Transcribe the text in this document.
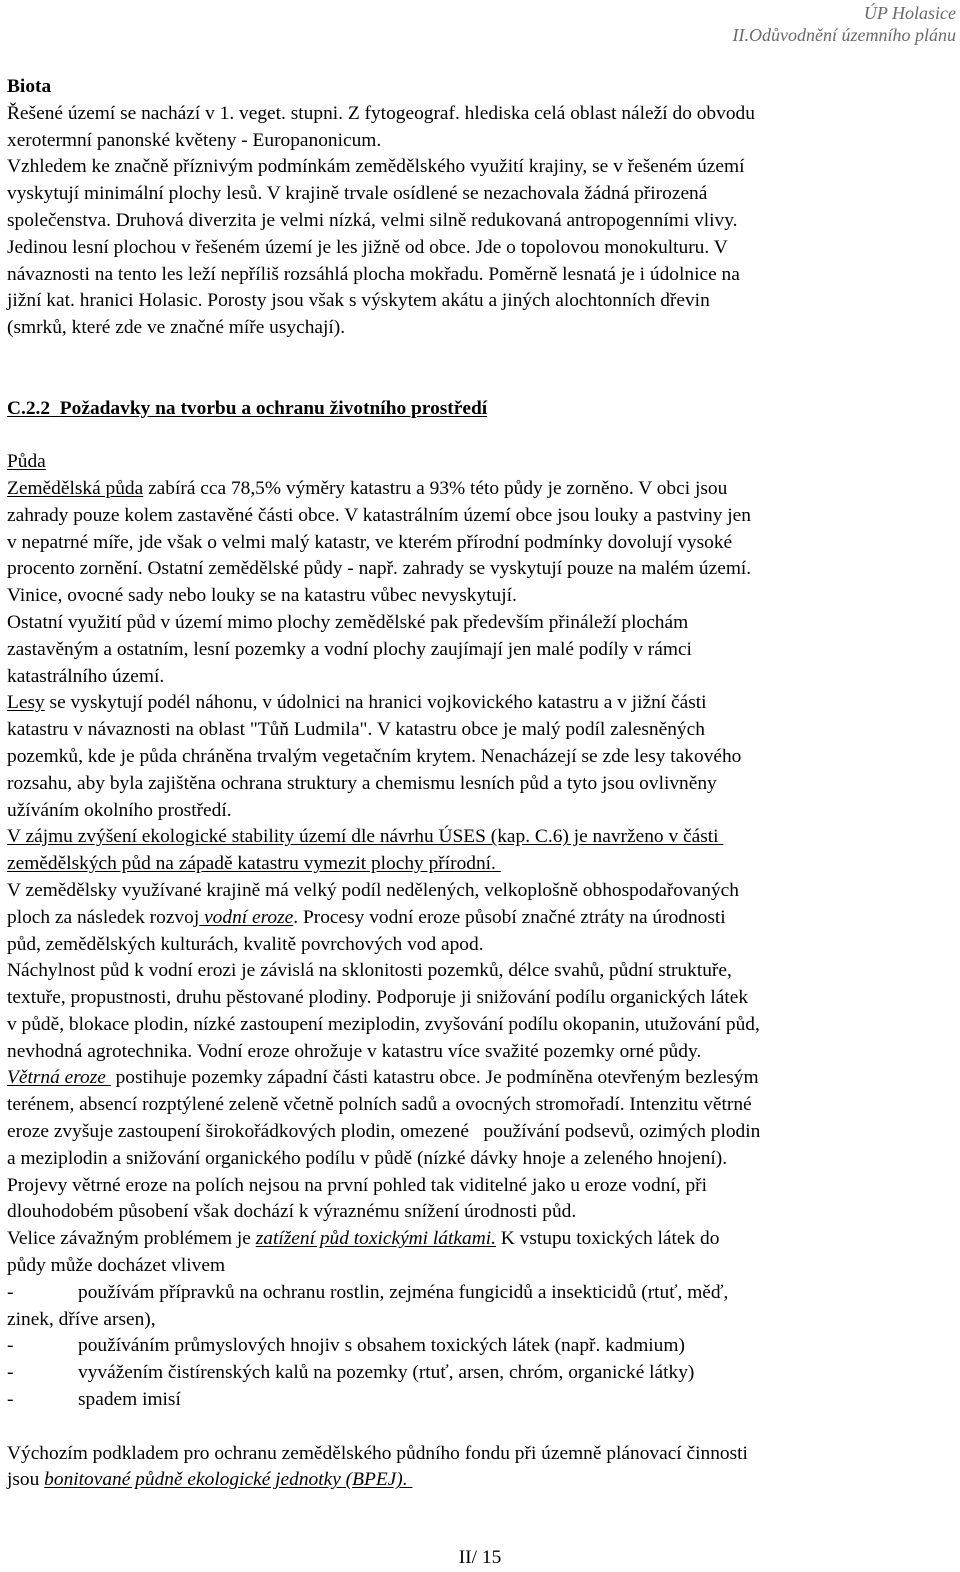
ÚP Holasice
II.Odůvodnění územního plánu
Biota
Řešené území se nachází v 1. veget. stupni. Z fytogeograf. hlediska celá oblast náleží do obvodu
xerotermní panonské květeny - Europanonicum.
Vzhledem ke značně příznivým podmínkám zemědělského využití krajiny, se v řešeném území
vyskytují minimální plochy lesů. V krajině trvale osídlené se nezachovala žádná přirozená
společenstva. Druhová diverzita je velmi nízká, velmi silně redukovaná antropogenními vlivy.
Jedinou lesní plochou v řešeném území je les jižně od obce. Jde o topolovou monokulturu. V
návaznosti na tento les leží nepříliš rozsáhlá plocha mokřadu. Poměrně lesnatá je i údolnice na
jižní kat. hranici Holasic. Porosty jsou však s výskytem akátu a jiných alochtonních dřevin
(smrků, které zde ve značné míře usychají).
C.2.2 Požadavky na tvorbu a ochranu životního prostředí
Půda
Zemědělská půda zabírá cca 78,5% výměry katastru a 93% této půdy je zorněno. V obci jsou
zahrady pouze kolem zastavěné části obce. V katastrálním území obce jsou louky a pastviny jen
v nepatrné míře, jde však o velmi malý katastr, ve kterém přírodní podmínky dovolují vysoké
procento zornění. Ostatní zemědělské půdy - např. zahrady se vyskytují pouze na malém území.
Vinice, ovocné sady nebo louky se na katastru vůbec nevyskytují.
Ostatní využití půd v území mimo plochy zemědělské pak především přináleží plochám
zastavěným a ostatním, lesní pozemky a vodní plochy zaujímají jen malé podíly v rámci
katastrálního území.
Lesy se vyskytují podél náhonu, v údolnici na hranici vojkovického katastru a v jižní části
katastru v návaznosti na oblast "Tůň Ludmila". V katastru obce je malý podíl zalesněných
pozemků, kde je půda chráněna trvalým vegetačním krytem. Nenacházejí se zde lesy takového
rozsahu, aby byla zajištěna ochrana struktury a chemismu lesních půd a tyto jsou ovlivněny
užíváním okolního prostředí.
V zájmu zvýšení ekologické stability území dle návrhu ÚSES (kap. C.6) je navrženo v části
zemědělských půd na západě katastru vymezit plochy přírodní.
V zemědělsky využívané krajině má velký podíl nedělených, velkoplošně obhospodařovaných
ploch za následek rozvoj vodní eroze. Procesy vodní eroze působí značné ztráty na úrodnosti
půd, zemědělských kulturách, kvalitě povrchových vod apod.
Náchylnost půd k vodní erozi je závislá na sklonitosti pozemků, délce svahů, půdní struktuře,
textuře, propustnosti, druhu pěstované plodiny. Podporuje ji snižování podílu organických látek
v půdě, blokace plodin, nízké zastoupení meziplodin, zvyšování podílu okopanin, utužování půd,
nevhodná agrotechnika. Vodní eroze ohrožuje v katastru více svažité pozemky orné půdy.
Větrná eroze  postihuje pozemky západní části katastru obce. Je podmíněna otevřeným bezlesým
terénem, absencí rozptýlené zeleně včetně polních sadů a ovocných stromořadí. Intenzitu větrné
eroze zvyšuje zastoupení širokořádkových plodin, omezené   používání podsevů, ozimých plodin
a meziplodin a snižování organického podílu v půdě (nízké dávky hnoje a zeleného hnojení).
Projevy větrné eroze na polích nejsou na první pohled tak viditelné jako u eroze vodní, při
dlouhodobém působení však dochází k výraznému snížení úrodnosti půd.
Velice závažným problémem je zatížení půd toxickými látkami. K vstupu toxických látek do
půdy může docházet vlivem
-	používám přípravků na ochranu rostlin, zejména fungicidů a insekticidů (rtuť, měď,
zinek, dříve arsen),
-	používáním průmyslových hnojiv s obsahem toxických látek (např. kadmium)
-	vyvážením čistírenských kalů na pozemky (rtuť, arsen, chróm, organické látky)
-	spadem imisí
Výchozím podkladem pro ochranu zemědělského půdního fondu při územně plánovací činnosti
jsou bonitované půdně ekologické jednotky (BPEJ).
II/ 15
